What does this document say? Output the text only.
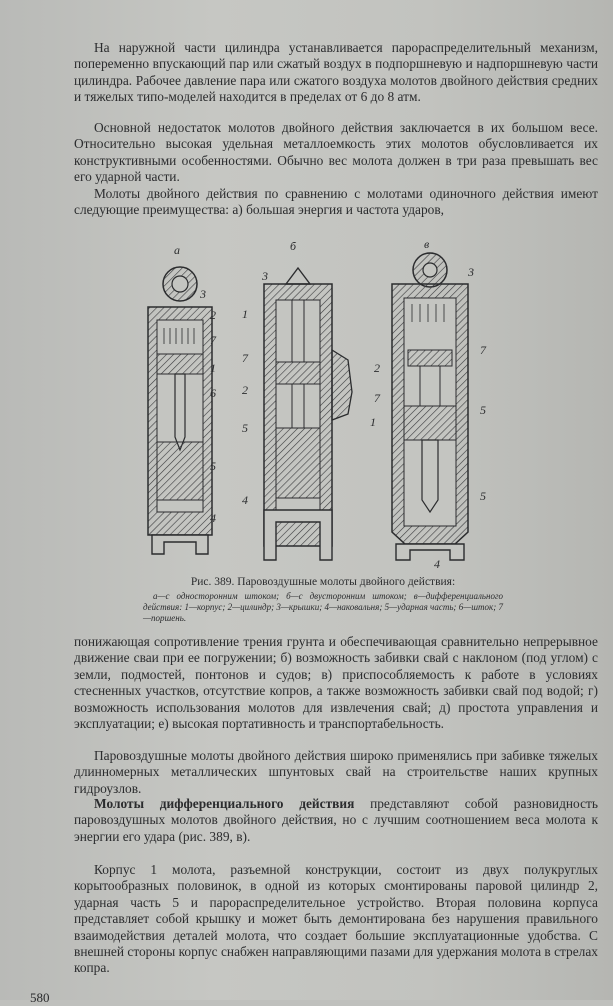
На наружной части цилиндра устанавливается парораспределительный механизм, попеременно впускающий пар или сжатый воздух в подпоршневую и надпоршневую части цилиндра. Рабочее давление пара или сжатого воздуха молотов двойного действия средних и тяжелых типо-моделей находится в пределах от 6 до 8 атм.

Основной недостаток молотов двойного действия заключается в их большом весе. Относительно высокая удельная металлоемкость этих молотов обусловливается их конструктивными особенностями. Обычно вес молота должен в три раза превышать вес его ударной части.

Молоты двойного действия по сравнению с молотами одиночного действия имеют следующие преимущества: а) большая энергия и частота ударов,

а	б	в
3
2
7
1
6
5
4
3
1
7
2
5
4
3
7
2
7
1
5
5
4
Рис. 389. Паровоздушные молоты двойного действия:
а—с односторонним штоком; б—с двусторонним штоком; в—дифференциального действия: 1—корпус; 2—цилиндр; 3—крышки; 4—наковальня; 5—ударная часть; 6—шток; 7—поршень.

понижающая сопротивление трения грунта и обеспечивающая сравнительно непрерывное движение сваи при ее погружении; б) возможность забивки свай с наклоном (под углом) с земли, подмостей, понтонов и судов; в) приспособляемость к работе в условиях стесненных участков, отсутствие копров, а также возможность забивки свай под водой; г) возможность использования молотов для извлечения свай; д) простота управления и эксплуатации; е) высокая портативность и транспортабельность.

Паровоздушные молоты двойного действия широко применялись при забивке тяжелых длинномерных металлических шпунтовых свай на строительстве наших крупных гидроузлов.

Молоты дифференциального действия представляют собой разновидность паровоздушных молотов двойного действия, но с лучшим соотношением веса молота к энергии его удара (рис. 389, в).

Корпус 1 молота, разъемной конструкции, состоит из двух полукруглых корытообразных половинок, в одной из которых смонтированы паровой цилиндр 2, ударная часть 5 и парораспределительное устройство. Вторая половина корпуса представляет собой крышку и может быть демонтирована без нарушения правильного взаимодействия деталей молота, что создает большие эксплуатационные удобства. С внешней стороны корпус снабжен направляющими пазами для удержания молота в стрелах копра.

580
